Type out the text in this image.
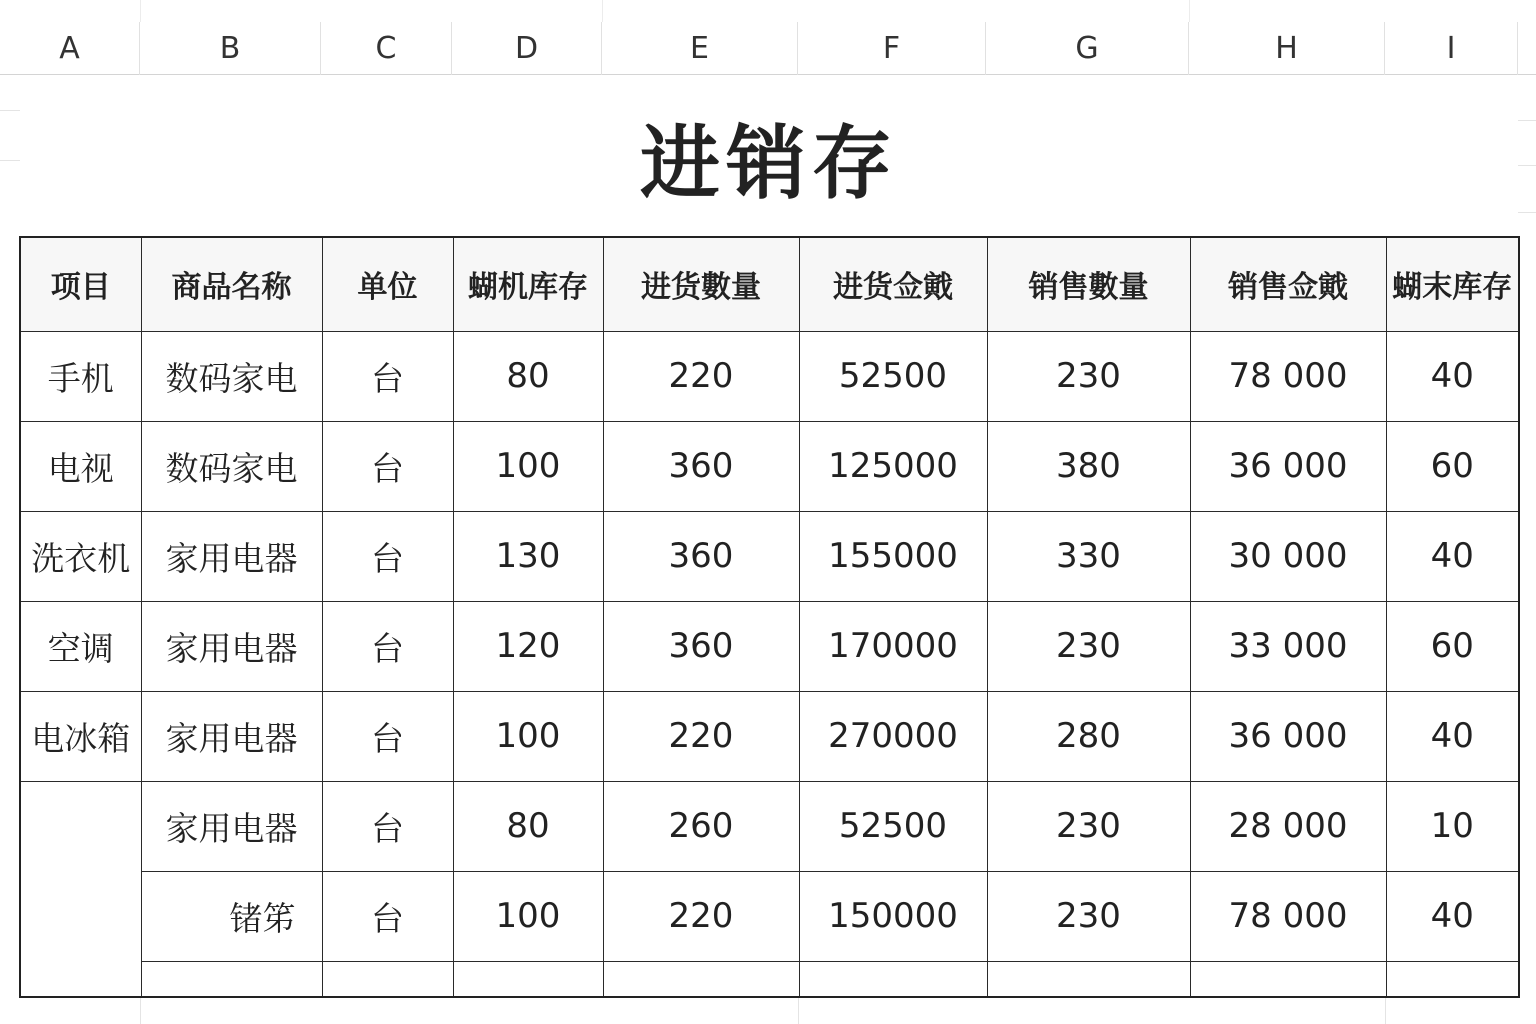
A	B	C	D	E	F	G	H	I
进销存
项目	商品名称	单位	蝴机库存	进货數量	进货佥戭	销售數量	销售佥戭	蝴末库存
手机	数码家电	台	80	220	52500	230	78 000	40
电视	数码家电	台	100	360	125000	380	36 000	60
洗衣机	家用电器	台	130	360	155000	330	30 000	40
空调	家用电器	台	120	360	170000	230	33 000	60
电冰箱	家用电器	台	100	220	270000	280	36 000	40
	家用电器	台	80	260	52500	230	28 000	10
	锗笫	台	100	220	150000	230	78 000	40
